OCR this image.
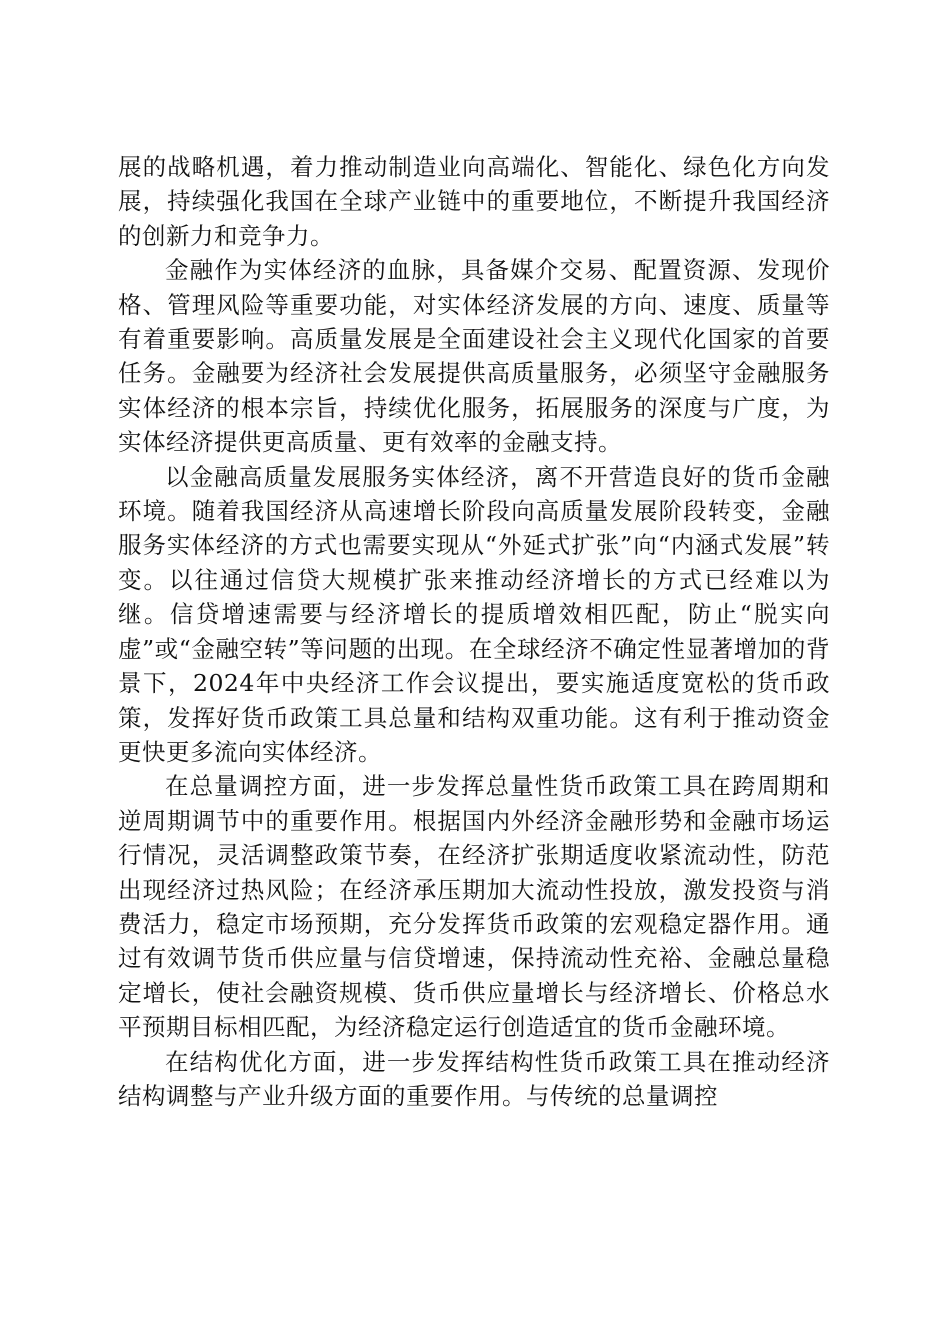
展的战略机遇，着力推动制造业向高端化、智能化、绿色化方向发展，持续强化我国在全球产业链中的重要地位，不断提升我国经济的创新力和竞争力。

金融作为实体经济的血脉，具备媒介交易、配置资源、发现价格、管理风险等重要功能，对实体经济发展的方向、速度、质量等有着重要影响。高质量发展是全面建设社会主义现代化国家的首要任务。金融要为经济社会发展提供高质量服务，必须坚守金融服务实体经济的根本宗旨，持续优化服务，拓展服务的深度与广度，为实体经济提供更高质量、更有效率的金融支持。

以金融高质量发展服务实体经济，离不开营造良好的货币金融环境。随着我国经济从高速增长阶段向高质量发展阶段转变，金融服务实体经济的方式也需要实现从“外延式扩张”向“内涵式发展”转变。以往通过信贷大规模扩张来推动经济增长的方式已经难以为继。信贷增速需要与经济增长的提质增效相匹配，防止“脱实向虚”或“金融空转”等问题的出现。在全球经济不确定性显著增加的背景下，2024年中央经济工作会议提出，要实施适度宽松的货币政策，发挥好货币政策工具总量和结构双重功能。这有利于推动资金更快更多流向实体经济。

在总量调控方面，进一步发挥总量性货币政策工具在跨周期和逆周期调节中的重要作用。根据国内外经济金融形势和金融市场运行情况，灵活调整政策节奏，在经济扩张期适度收紧流动性，防范出现经济过热风险；在经济承压期加大流动性投放，激发投资与消费活力，稳定市场预期，充分发挥货币政策的宏观稳定器作用。通过有效调节货币供应量与信贷增速，保持流动性充裕、金融总量稳定增长，使社会融资规模、货币供应量增长与经济增长、价格总水平预期目标相匹配，为经济稳定运行创造适宜的货币金融环境。

在结构优化方面，进一步发挥结构性货币政策工具在推动经济结构调整与产业升级方面的重要作用。与传统的总量调控
